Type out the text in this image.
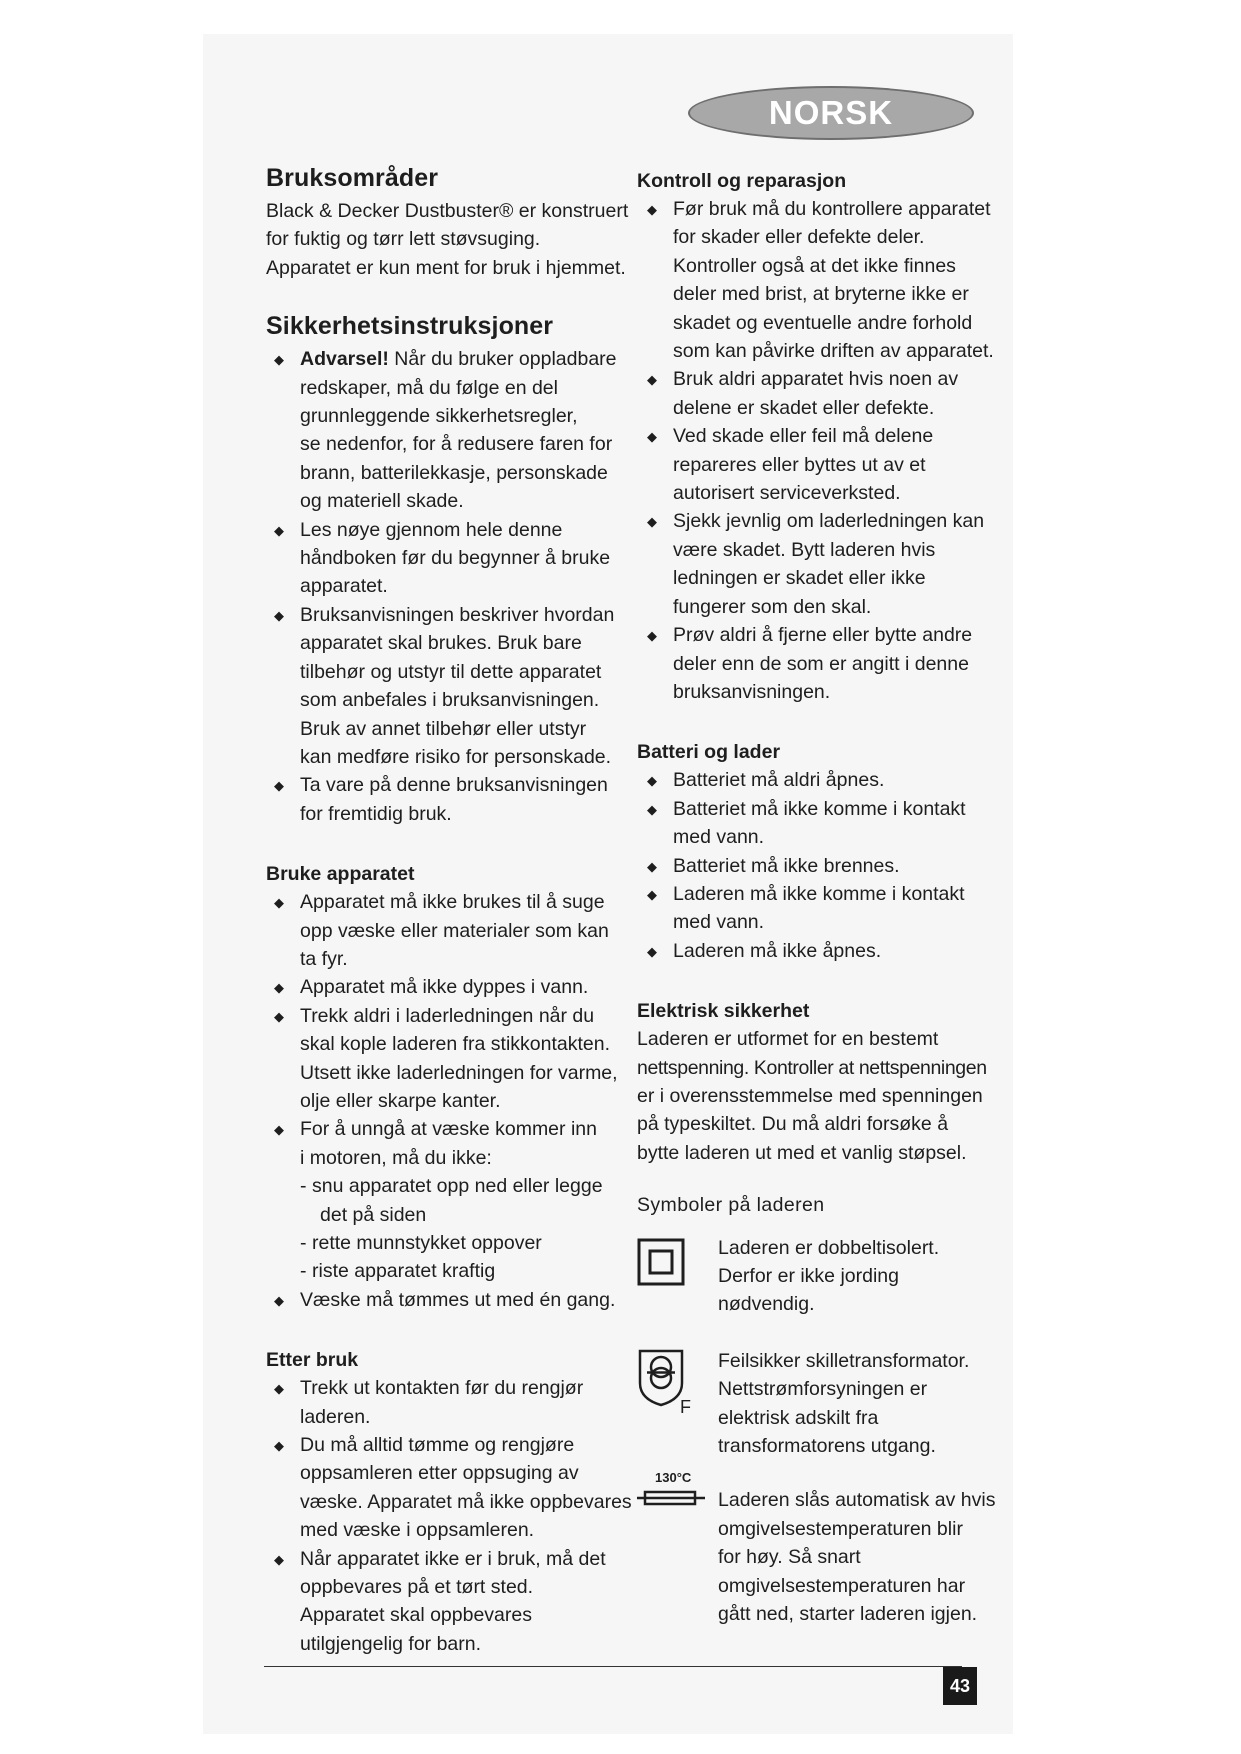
NORSK
Bruksområder
Black & Decker Dustbuster® er konstruert
for fuktig og tørr lett støvsuging.
Apparatet er kun ment for bruk i hjemmet.
Sikkerhetsinstruksjoner
◆ Advarsel! Når du bruker oppladbare
redskaper, må du følge en del
grunnleggende sikkerhetsregler,
se nedenfor, for å redusere faren for
brann, batterilekkasje, personskade
og materiell skade.
◆ Les nøye gjennom hele denne
håndboken før du begynner å bruke
apparatet.
◆ Bruksanvisningen beskriver hvordan
apparatet skal brukes. Bruk bare
tilbehør og utstyr til dette apparatet
som anbefales i bruksanvisningen.
Bruk av annet tilbehør eller utstyr
kan medføre risiko for personskade.
◆ Ta vare på denne bruksanvisningen
for fremtidig bruk.
Bruke apparatet
◆ Apparatet må ikke brukes til å suge
opp væske eller materialer som kan
ta fyr.
◆ Apparatet må ikke dyppes i vann.
◆ Trekk aldri i laderledningen når du
skal kople laderen fra stikkontakten.
Utsett ikke laderledningen for varme,
olje eller skarpe kanter.
◆ For å unngå at væske kommer inn
i motoren, må du ikke:
- snu apparatet opp ned eller legge
det på siden
- rette munnstykket oppover
- riste apparatet kraftig
◆ Væske må tømmes ut med én gang.
Etter bruk
◆ Trekk ut kontakten før du rengjør
laderen.
◆ Du må alltid tømme og rengjøre
oppsamleren etter oppsuging av
væske. Apparatet må ikke oppbevares
med væske i oppsamleren.
◆ Når apparatet ikke er i bruk, må det
oppbevares på et tørt sted.
Apparatet skal oppbevares
utilgjengelig for barn.
Kontroll og reparasjon
◆ Før bruk må du kontrollere apparatet
for skader eller defekte deler.
Kontroller også at det ikke finnes
deler med brist, at bryterne ikke er
skadet og eventuelle andre forhold
som kan påvirke driften av apparatet.
◆ Bruk aldri apparatet hvis noen av
delene er skadet eller defekte.
◆ Ved skade eller feil må delene
repareres eller byttes ut av et
autorisert serviceverksted.
◆ Sjekk jevnlig om laderledningen kan
være skadet. Bytt laderen hvis
ledningen er skadet eller ikke
fungerer som den skal.
◆ Prøv aldri å fjerne eller bytte andre
deler enn de som er angitt i denne
bruksanvisningen.
Batteri og lader
◆ Batteriet må aldri åpnes.
◆ Batteriet må ikke komme i kontakt
med vann.
◆ Batteriet må ikke brennes.
◆ Laderen må ikke komme i kontakt
med vann.
◆ Laderen må ikke åpnes.
Elektrisk sikkerhet
Laderen er utformet for en bestemt
nettspenning. Kontroller at nettspenningen
er i overensstemmelse med spenningen
på typeskiltet. Du må aldri forsøke å
bytte laderen ut med et vanlig støpsel.
Symboler på laderen
Laderen er dobbeltisolert.
Derfor er ikke jording nødvendig.
F
Feilsikker skilletransformator.
Nettstrømforsyningen er
elektrisk adskilt fra
transformatorens utgang.
130°C
Laderen slås automatisk av hvis
omgivelsestemperaturen blir
for høy. Så snart
omgivelsestemperaturen har
gått ned, starter laderen igjen.
43
